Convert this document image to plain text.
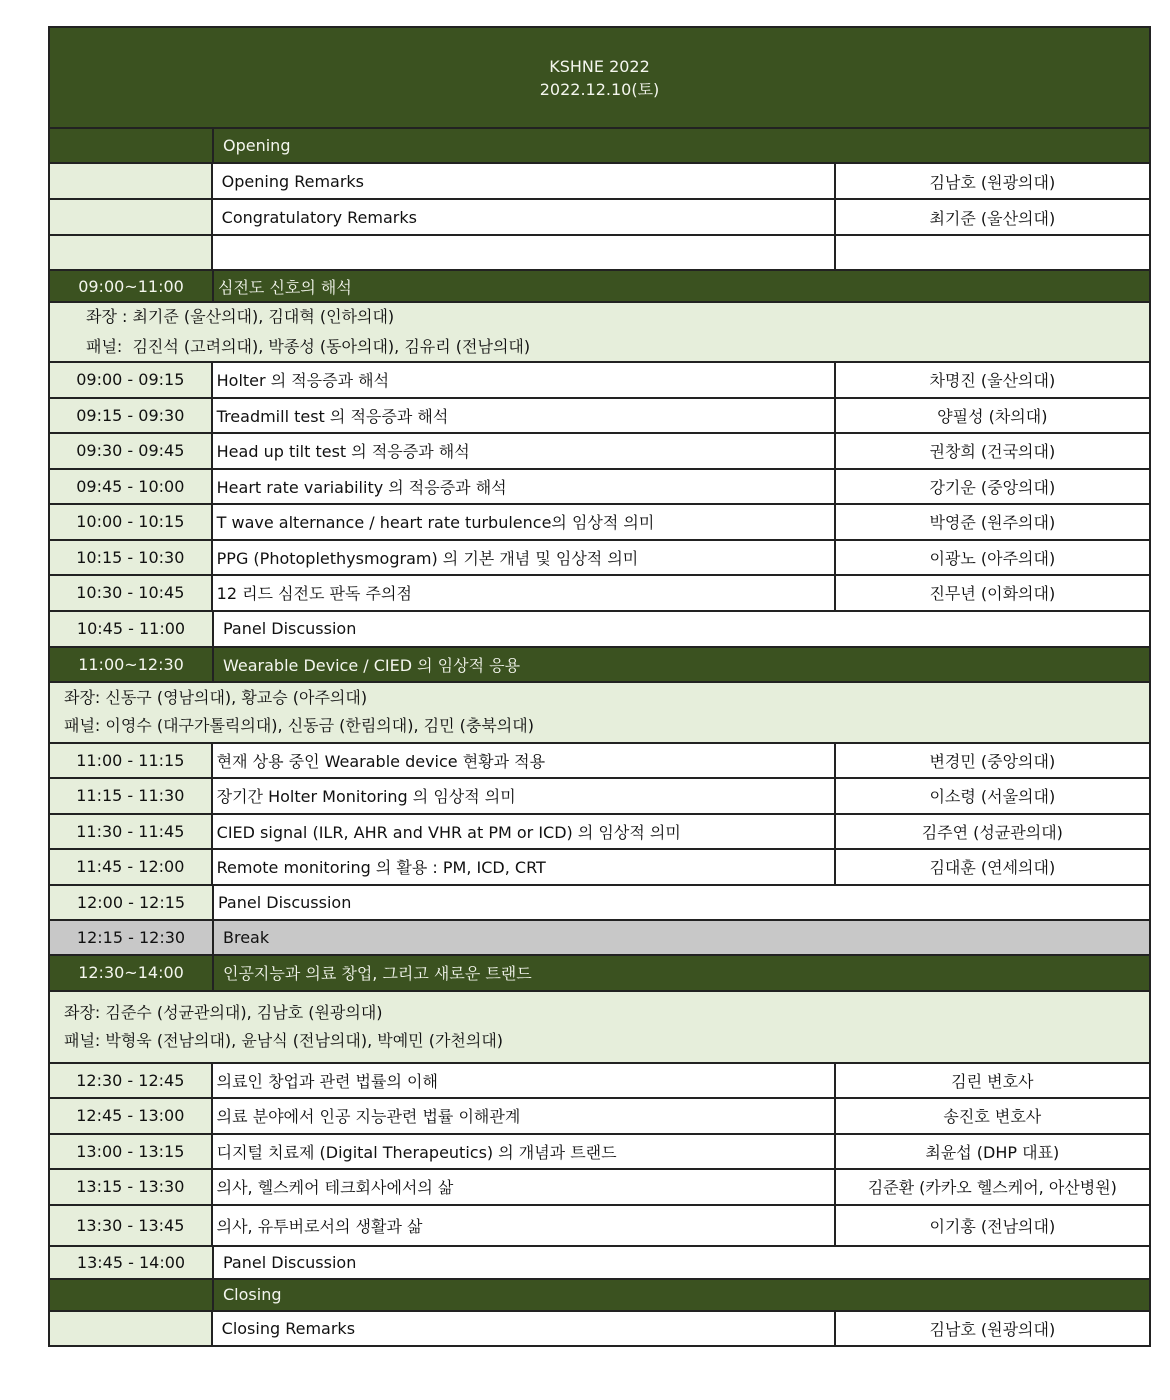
KSHNE 2022
2022.12.10(토)
Opening
Opening Remarks	김남호 (원광의대)
Congratulatory Remarks	최기준 (울산의대)
09:00~11:00	심전도 신호의 해석
좌장 : 최기준 (울산의대), 김대혁 (인하의대)
패널:  김진석 (고려의대), 박종성 (동아의대), 김유리 (전남의대)
09:00 - 09:15	Holter 의 적응증과 해석	차명진 (울산의대)
09:15 - 09:30	Treadmill test 의 적응증과 해석	양필성 (차의대)
09:30 - 09:45	Head up tilt test 의 적응증과 해석	권창희 (건국의대)
09:45 - 10:00	Heart rate variability 의 적응증과 해석	강기운 (중앙의대)
10:00 - 10:15	T wave alternance / heart rate turbulence의 임상적 의미	박영준 (원주의대)
10:15 - 10:30	PPG (Photoplethysmogram) 의 기본 개념 및 임상적 의미	이광노 (아주의대)
10:30 - 10:45	12 리드 심전도 판독 주의점	진무년 (이화의대)
10:45 - 11:00	Panel Discussion
11:00~12:30	Wearable Device / CIED 의 임상적 응용
좌장: 신동구 (영남의대), 황교승 (아주의대)
패널: 이영수 (대구가톨릭의대), 신동금 (한림의대), 김민 (충북의대)
11:00 - 11:15	현재 상용 중인 Wearable device 현황과 적용	변경민 (중앙의대)
11:15 - 11:30	장기간 Holter Monitoring 의 임상적 의미	이소령 (서울의대)
11:30 - 11:45	CIED signal (ILR, AHR and VHR at PM or ICD) 의 임상적 의미	김주연 (성균관의대)
11:45 - 12:00	Remote monitoring 의 활용 : PM, ICD, CRT	김대훈 (연세의대)
12:00 - 12:15	Panel Discussion
12:15 - 12:30	Break
12:30~14:00	인공지능과 의료 창업, 그리고 새로운 트랜드
좌장: 김준수 (성균관의대), 김남호 (원광의대)
패널: 박형욱 (전남의대), 윤남식 (전남의대), 박예민 (가천의대)
12:30 - 12:45	의료인 창업과 관련 법률의 이해	김린 변호사
12:45 - 13:00	의료 분야에서 인공 지능관련 법률 이해관계	송진호 변호사
13:00 - 13:15	디지털 치료제 (Digital Therapeutics) 의 개념과 트랜드	최윤섭 (DHP 대표)
13:15 - 13:30	의사, 헬스케어 테크회사에서의 삶	김준환 (카카오 헬스케어, 아산병원)
13:30 - 13:45	의사, 유투버로서의 생활과 삶	이기홍 (전남의대)
13:45 - 14:00	Panel Discussion
Closing
Closing Remarks	김남호 (원광의대)
